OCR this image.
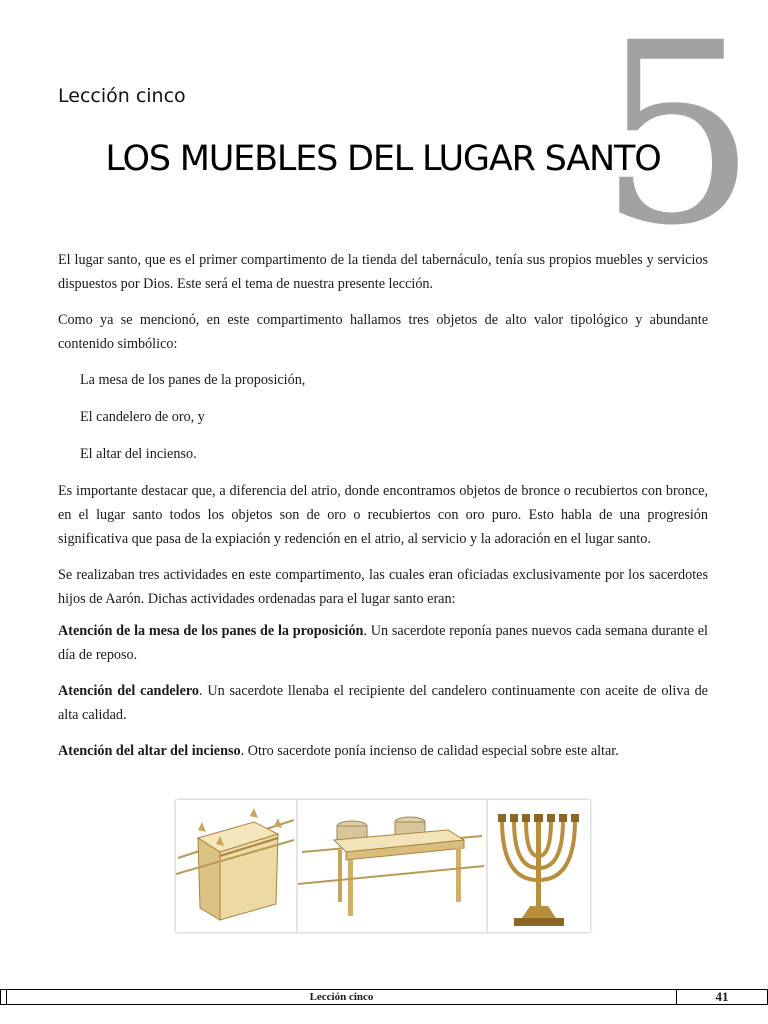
5
Lección cinco
LOS MUEBLES DEL LUGAR SANTO

El lugar santo, que es el primer compartimento de la tienda del tabernáculo, tenía sus propios muebles y servicios dispuestos por Dios. Este será el tema de nuestra presente lección.

Como ya se mencionó, en este compartimento hallamos tres objetos de alto valor tipológico y abundante contenido simbólico:

La mesa de los panes de la proposición,

El candelero de oro, y

El altar del incienso.

Es importante destacar que, a diferencia del atrio, donde encontramos objetos de bronce o recubiertos con bronce, en el lugar santo todos los objetos son de oro o recubiertos con oro puro. Esto habla de una progresión significativa que pasa de la expiación y redención en el atrio, al servicio y la adoración en el lugar santo.

Se realizaban tres actividades en este compartimento, las cuales eran oficiadas exclusivamente por los sacerdotes hijos de Aarón. Dichas actividades ordenadas para el lugar santo eran:

Atención de la mesa de los panes de la proposición. Un sacerdote reponía panes nuevos cada semana durante el día de reposo.

Atención del candelero. Un sacerdote llenaba el recipiente del candelero continuamente con aceite de oliva de alta calidad.

Atención del altar del incienso. Otro sacerdote ponía incienso de calidad especial sobre este altar.

Lección cinco	41
